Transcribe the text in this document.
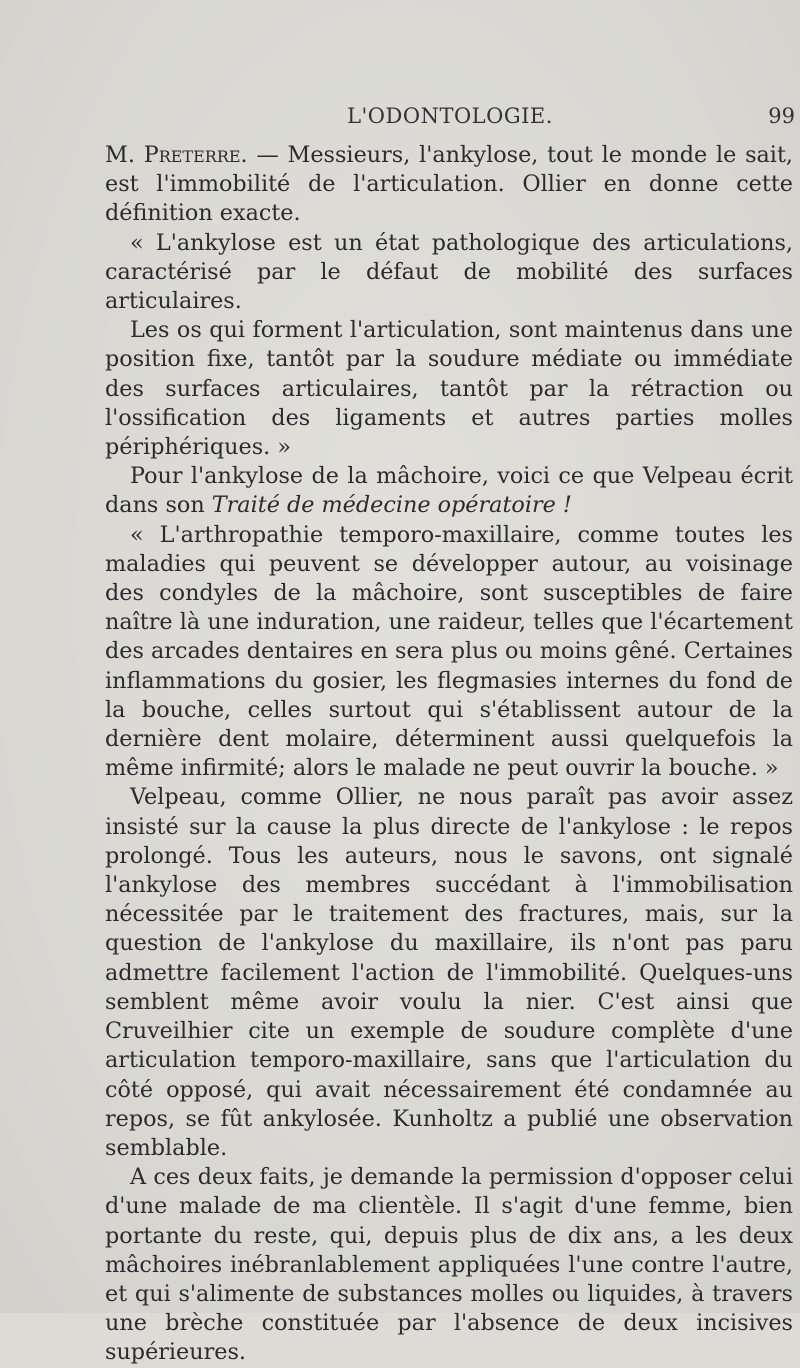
L'ODONTOLOGIE.	99

M. Preterre. — Messieurs, l'ankylose, tout le monde le sait, est l'immobilité de l'articulation. Ollier en donne cette définition exacte.

« L'ankylose est un état pathologique des articulations, caractérisé par le défaut de mobilité des surfaces articulaires.

Les os qui forment l'articulation, sont maintenus dans une position fixe, tantôt par la soudure médiate ou immédiate des surfaces articulaires, tantôt par la rétraction ou l'ossification des ligaments et autres parties molles périphériques. »

Pour l'ankylose de la mâchoire, voici ce que Velpeau écrit dans son Traité de médecine opératoire !

« L'arthropathie temporo-maxillaire, comme toutes les maladies qui peuvent se développer autour, au voisinage des condyles de la mâchoire, sont susceptibles de faire naître là une induration, une raideur, telles que l'écartement des arcades dentaires en sera plus ou moins gêné. Certaines inflammations du gosier, les flegmasies internes du fond de la bouche, celles surtout qui s'établissent autour de la dernière dent molaire, déterminent aussi quelquefois la même infirmité; alors le malade ne peut ouvrir la bouche. »

Velpeau, comme Ollier, ne nous paraît pas avoir assez insisté sur la cause la plus directe de l'ankylose : le repos prolongé. Tous les auteurs, nous le savons, ont signalé l'ankylose des membres succédant à l'immobilisation nécessitée par le traitement des fractures, mais, sur la question de l'ankylose du maxillaire, ils n'ont pas paru admettre facilement l'action de l'immobilité. Quelques-uns semblent même avoir voulu la nier. C'est ainsi que Cruveilhier cite un exemple de soudure complète d'une articulation temporo-maxillaire, sans que l'articulation du côté opposé, qui avait nécessairement été condamnée au repos, se fût ankylosée. Kunholtz a publié une observation semblable.

A ces deux faits, je demande la permission d'opposer celui d'une malade de ma clientèle. Il s'agit d'une femme, bien portante du reste, qui, depuis plus de dix ans, a les deux mâchoires inébranlablement appliquées l'une contre l'autre, et qui s'alimente de substances molles ou liquides, à travers une brèche constituée par l'absence de deux incisives supérieures.
